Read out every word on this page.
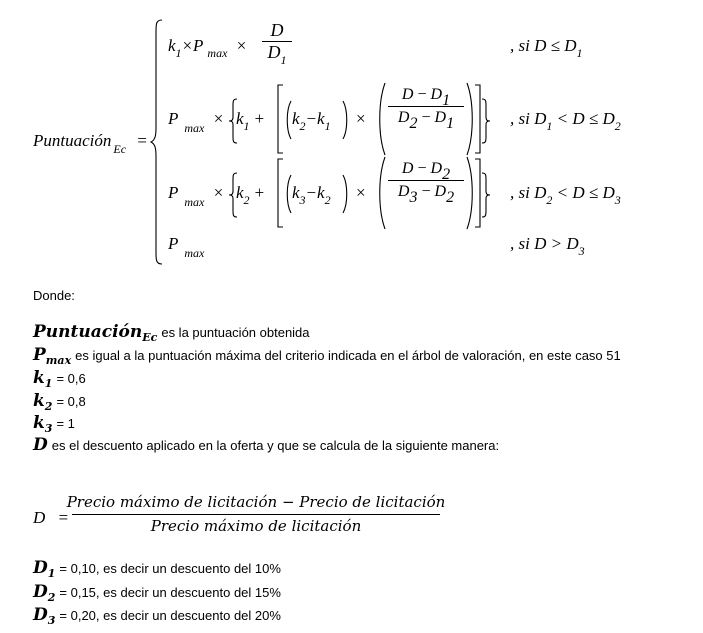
Puntuación $_{Ec}$ =
$k_1\times P$ $_{max}$ ×
D
$D_1$
, si $D \le D_1$
P $_{max} \times k_1 + k_2-k_1$ ×
D − D1
D2 − D1	, si $D_1 < D \le D_2$
P $_{max} \times k_2 + k_3-k_2$ ×
D − D2
D3 − D2	, si $D_2 < D \le D_3$
P $_{max}$	, si $D > D_3$
Donde:
Puntuación Ec es la puntuación obtenida
P max es igual a la puntuación máxima del criterio indicada en el árbol de valoración, en este caso 51
k 1 = 0,6
k 2 = 0,8
k 3 = 1
D es el descuento aplicado en la oferta y que se calcula de la siguiente manera:
D =
Precio máximo de licitación − Precio de licitación
Precio máximo de licitación
D 1 = 0,10, es decir un descuento del 10%
D 2 = 0,15, es decir un descuento del 15%
D 3 = 0,20, es decir un descuento del 20%
